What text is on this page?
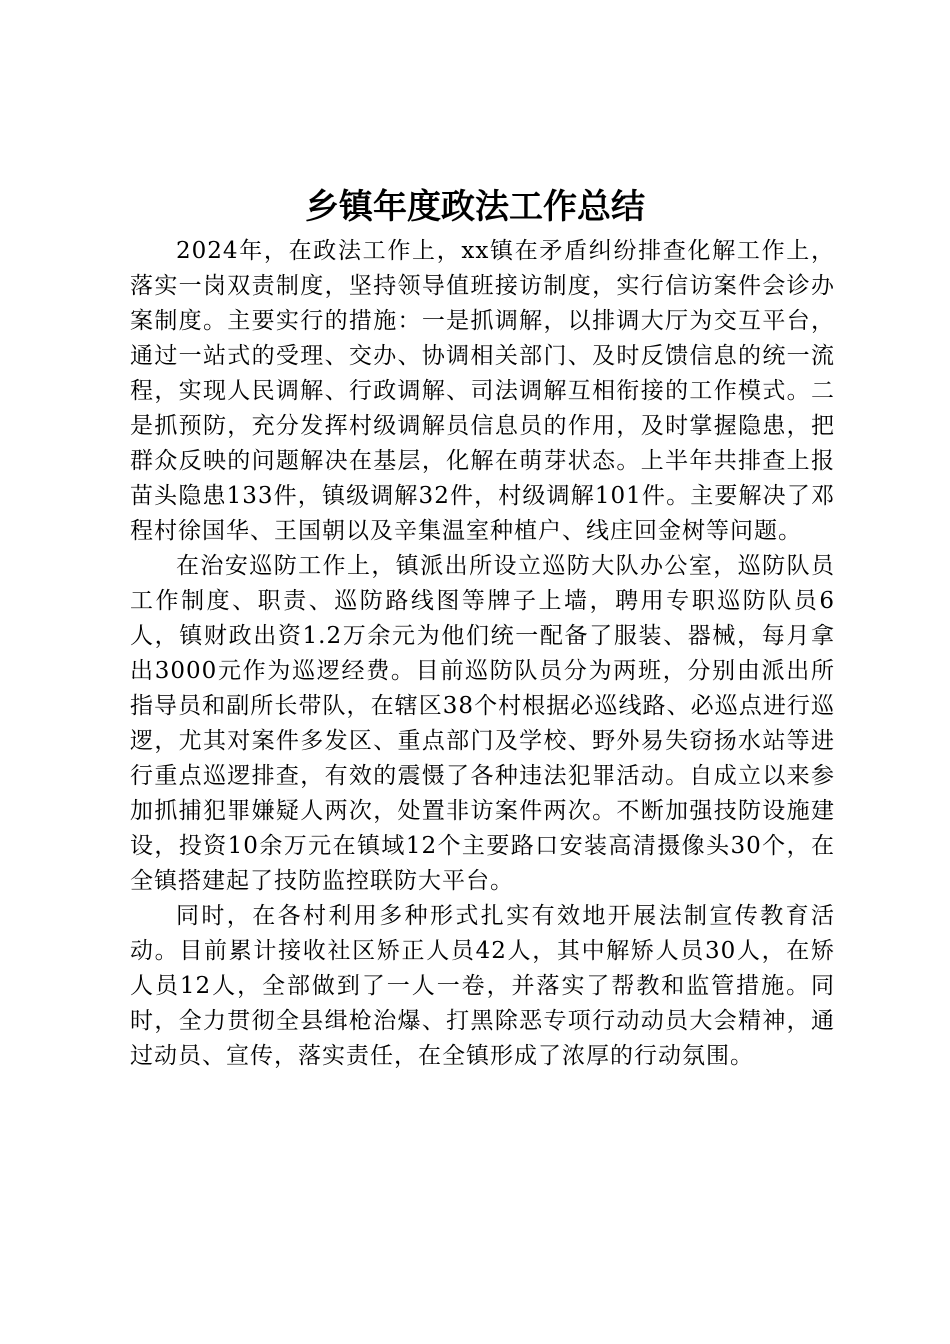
乡镇年度政法工作总结

2024年，在政法工作上，xx镇在矛盾纠纷排查化解工作上，落实一岗双责制度，坚持领导值班接访制度，实行信访案件会诊办案制度。主要实行的措施：一是抓调解，以排调大厅为交互平台，通过一站式的受理、交办、协调相关部门、及时反馈信息的统一流程，实现人民调解、行政调解、司法调解互相衔接的工作模式。二是抓预防，充分发挥村级调解员信息员的作用，及时掌握隐患，把群众反映的问题解决在基层，化解在萌芽状态。上半年共排查上报苗头隐患133件，镇级调解32件，村级调解101件。主要解决了邓程村徐国华、王国朝以及辛集温室种植户、线庄回金树等问题。

在治安巡防工作上，镇派出所设立巡防大队办公室，巡防队员工作制度、职责、巡防路线图等牌子上墙，聘用专职巡防队员6人，镇财政出资1.2万余元为他们统一配备了服装、器械，每月拿出3000元作为巡逻经费。目前巡防队员分为两班，分别由派出所指导员和副所长带队，在辖区38个村根据必巡线路、必巡点进行巡逻，尤其对案件多发区、重点部门及学校、野外易失窃扬水站等进行重点巡逻排查，有效的震慑了各种违法犯罪活动。自成立以来参加抓捕犯罪嫌疑人两次，处置非访案件两次。不断加强技防设施建设，投资10余万元在镇域12个主要路口安装高清摄像头30个，在全镇搭建起了技防监控联防大平台。

同时，在各村利用多种形式扎实有效地开展法制宣传教育活动。目前累计接收社区矫正人员42人，其中解矫人员30人，在矫人员12人，全部做到了一人一卷，并落实了帮教和监管措施。同时，全力贯彻全县缉枪治爆、打黑除恶专项行动动员大会精神，通过动员、宣传，落实责任，在全镇形成了浓厚的行动氛围。
